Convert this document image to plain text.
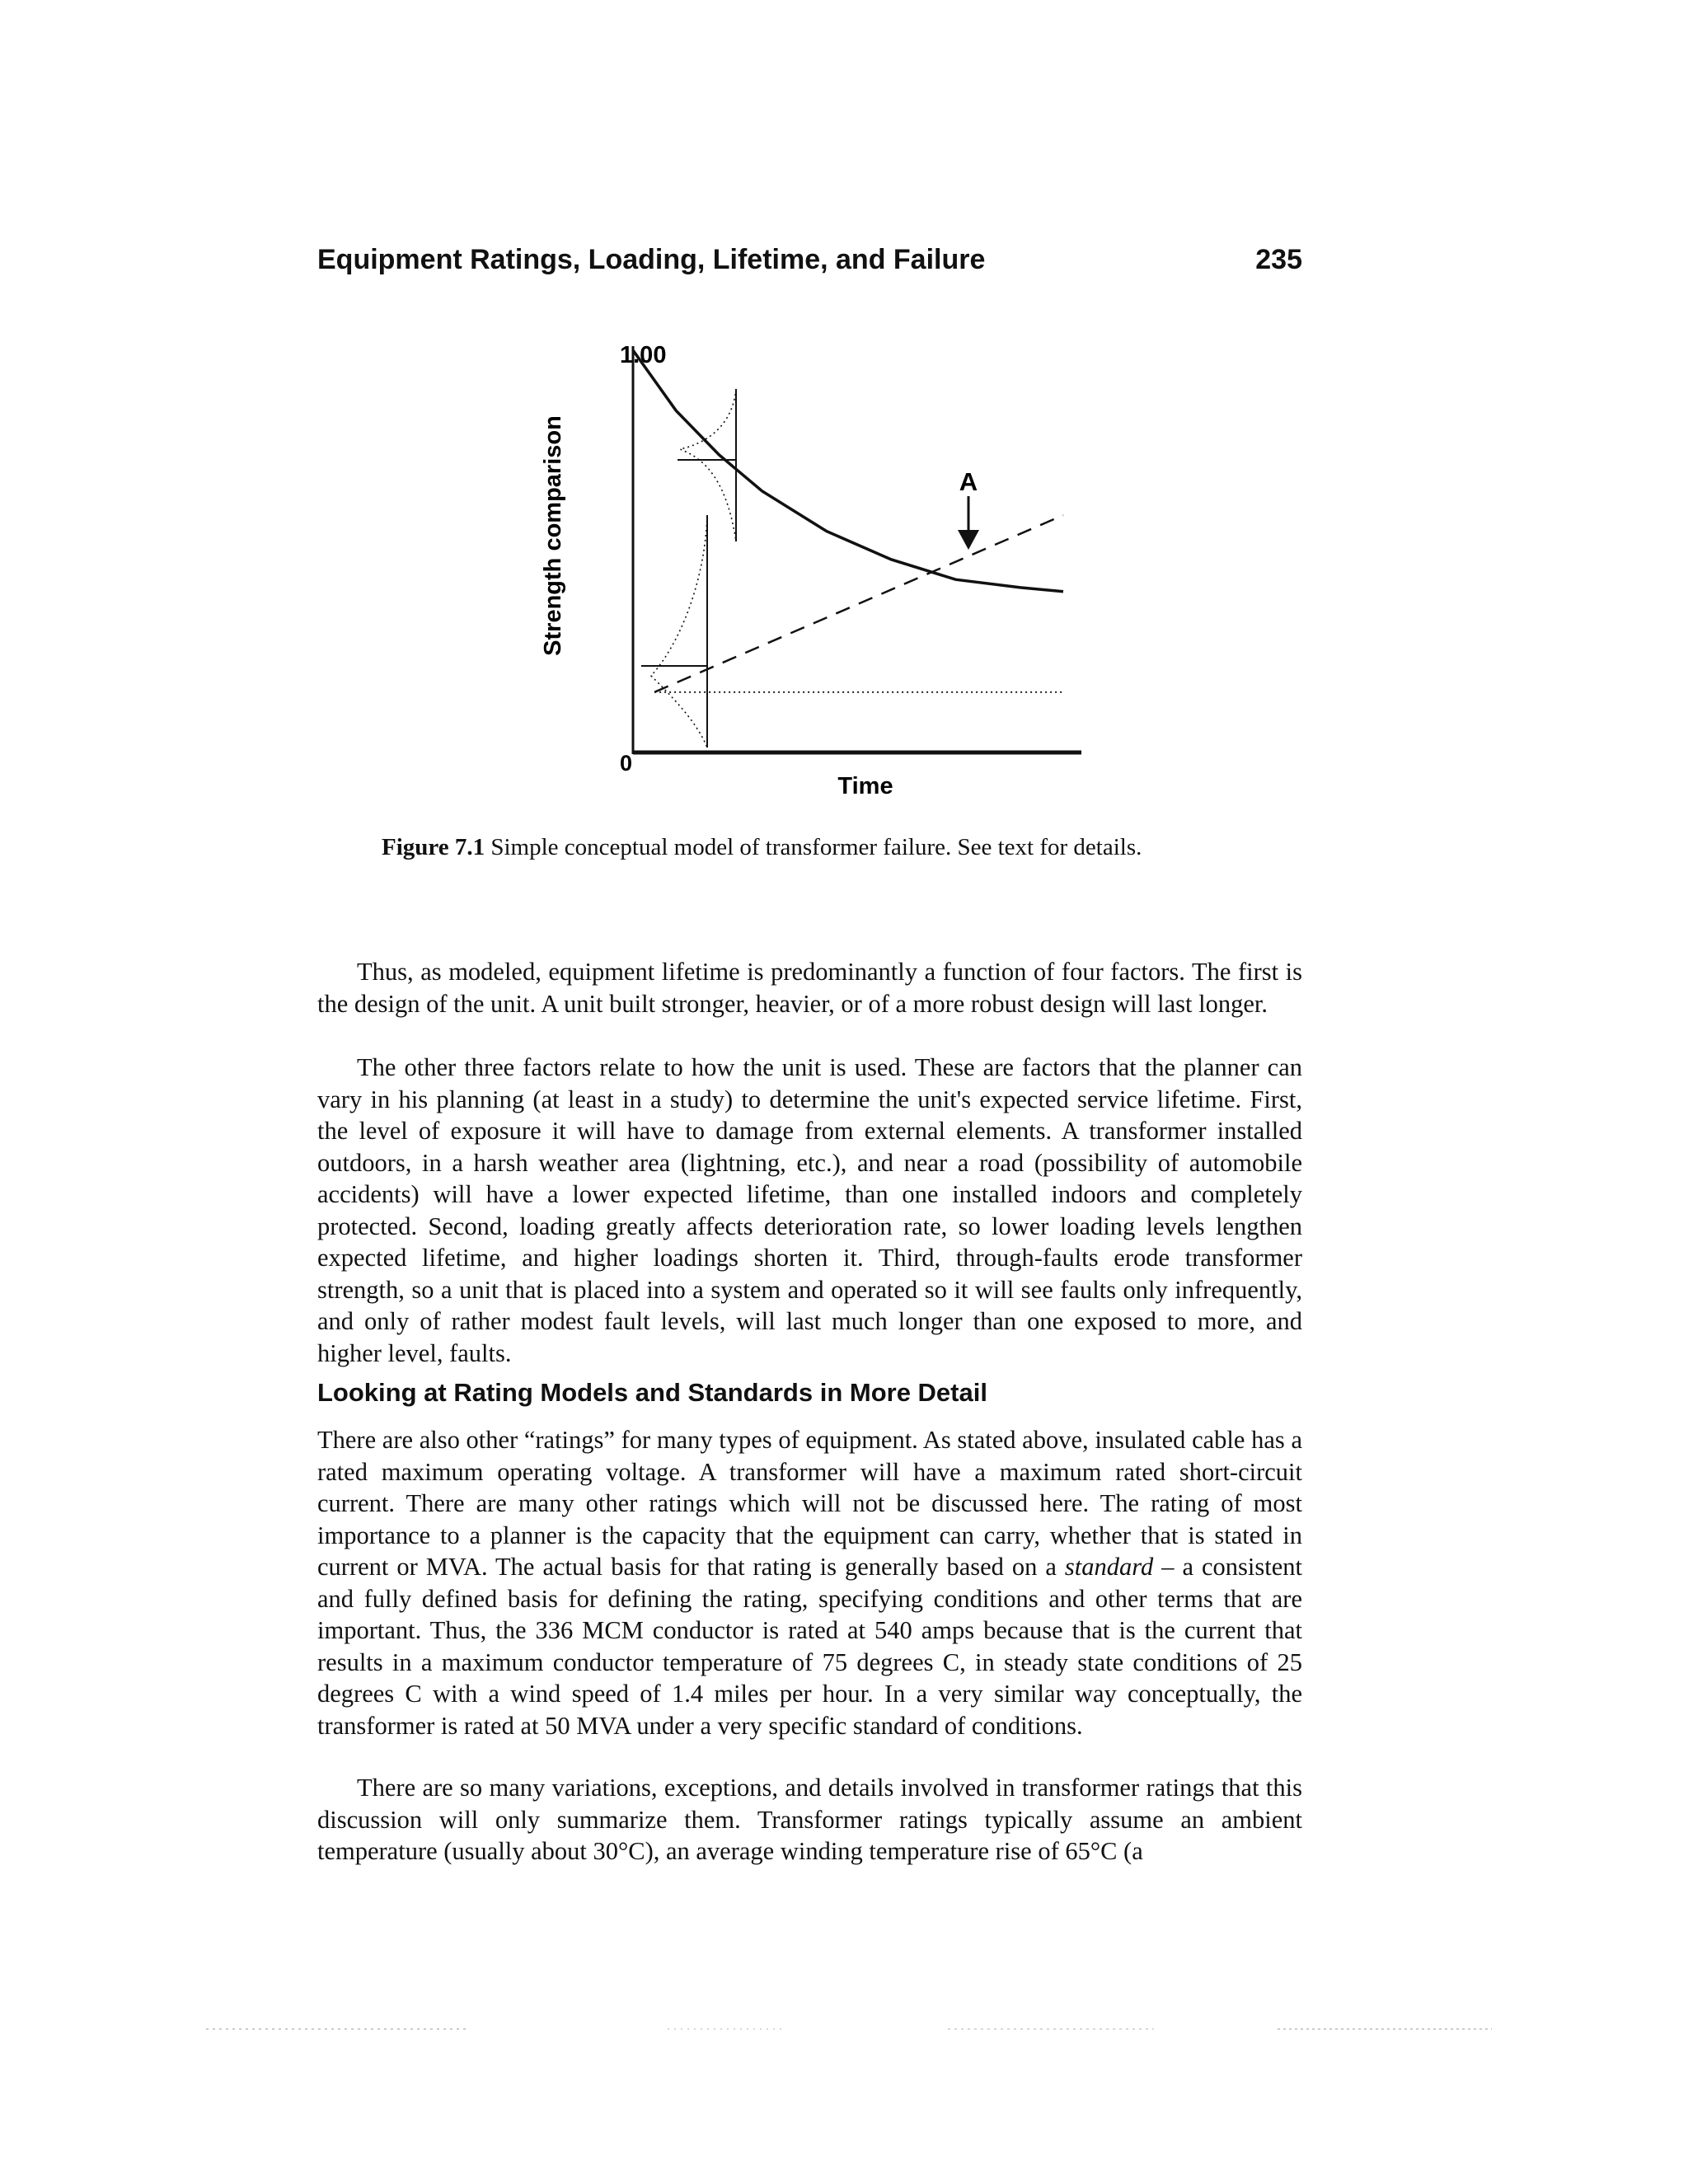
Equipment Ratings, Loading, Lifetime, and Failure	235
Strength comparison
1.00
0
Time
A
Figure 7.1 Simple conceptual model of transformer failure. See text for details.

Thus, as modeled, equipment lifetime is predominantly a function of four factors. The first is the design of the unit. A unit built stronger, heavier, or of a more robust design will last longer.

The other three factors relate to how the unit is used. These are factors that the planner can vary in his planning (at least in a study) to determine the unit's expected service lifetime. First, the level of exposure it will have to damage from external elements. A transformer installed outdoors, in a harsh weather area (lightning, etc.), and near a road (possibility of automobile accidents) will have a lower expected lifetime, than one installed indoors and completely protected. Second, loading greatly affects deterioration rate, so lower loading levels lengthen expected lifetime, and higher loadings shorten it. Third, through-faults erode transformer strength, so a unit that is placed into a system and operated so it will see faults only infrequently, and only of rather modest fault levels, will last much longer than one exposed to more, and higher level, faults.

Looking at Rating Models and Standards in More Detail

There are also other “ratings” for many types of equipment. As stated above, insulated cable has a rated maximum operating voltage. A transformer will have a maximum rated short-circuit current. There are many other ratings which will not be discussed here. The rating of most importance to a planner is the capacity that the equipment can carry, whether that is stated in current or MVA. The actual basis for that rating is generally based on a standard – a consistent and fully defined basis for defining the rating, specifying conditions and other terms that are important. Thus, the 336 MCM conductor is rated at 540 amps because that is the current that results in a maximum conductor temperature of 75 degrees C, in steady state conditions of 25 degrees C with a wind speed of 1.4 miles per hour. In a very similar way conceptually, the transformer is rated at 50 MVA under a very specific standard of conditions.

There are so many variations, exceptions, and details involved in transformer ratings that this discussion will only summarize them. Transformer ratings typically assume an ambient temperature (usually about 30°C), an average winding temperature rise of 65°C (a
